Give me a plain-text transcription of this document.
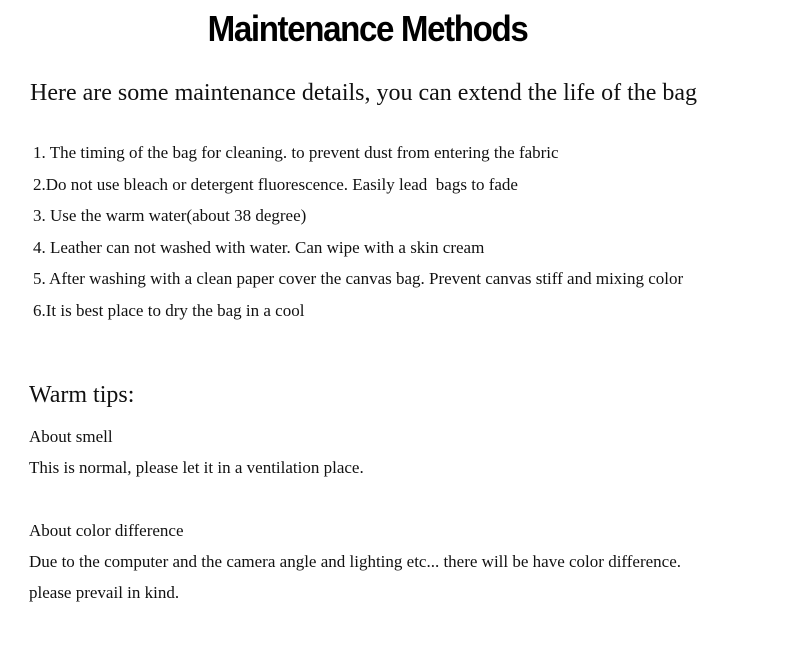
Maintenance Methods
Here are some maintenance details, you can extend the life of the bag
1. The timing of the bag for cleaning. to prevent dust from entering the fabric
2.Do not use bleach or detergent fluorescence. Easily lead  bags to fade
3. Use the warm water(about 38 degree)
4. Leather can not washed with water. Can wipe with a skin cream
5. After washing with a clean paper cover the canvas bag. Prevent canvas stiff and mixing color
6.It is best place to dry the bag in a cool
Warm tips:
About smell
This is normal, please let it in a ventilation place.
About color difference
Due to the computer and the camera angle and lighting etc... there will be have color difference.
please prevail in kind.
